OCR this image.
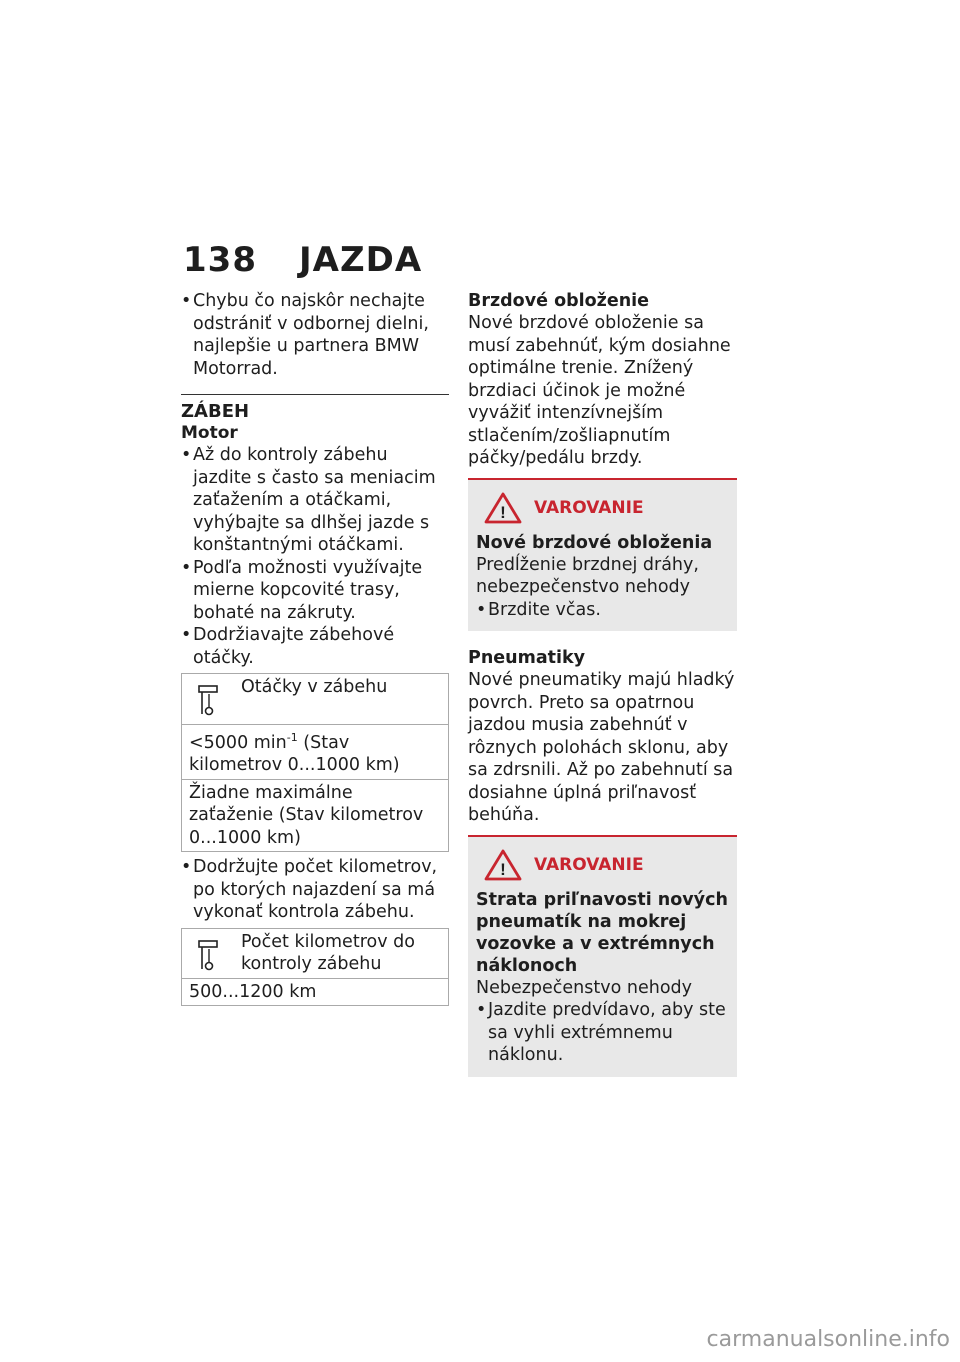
138 JAZDA
• Chybu čo najskôr nechajte odstrániť v odbornej dielni, najlepšie u partnera BMW Motorrad.
ZÁBEH
Motor
• Až do kontroly zábehu jazdite s často sa meniacim zaťažením a otáčkami, vyhýbajte sa dlhšej jazde s konštantnými otáčkami.
• Podľa možnosti využívajte mierne kopcovité trasy, bohaté na zákruty.
• Dodržiavajte zábehové otáčky.
Otáčky v zábehu

<5000 $\min^{-1}$ (Stav kilometrov 0...1000 km)
Žiadne maximálne zaťaženie (Stav kilometrov 0...1000 km)
• Dodržujte počet kilometrov, po ktorých najazdení sa má vykonať kontrola zábehu.
Počet kilometrov do kontroly zábehu

500...1200 km
Brzdové obloženie
Nové brzdové obloženie sa musí zabehnúť, kým dosiahne optimálne trenie. Znížený brzdiaci účinok je možné vyvážiť intenzívnejším stlačením/zošliapnutím páčky/pedálu brzdy.
! VAROVANIE
Nové brzdové obloženia
Predĺženie brzdnej dráhy, nebezpečenstvo nehody
• Brzdite včas.
Pneumatiky
Nové pneumatiky majú hladký povrch. Preto sa opatrnou jazdou musia zabehnúť v rôznych polohách sklonu, aby sa zdrsnili. Až po zabehnutí sa dosiahne úplná priľnavosť behúňa.
! VAROVANIE
Strata priľnavosti nových pneumatík na mokrej vozovke a v extrémnych náklonoch
Nebezpečenstvo nehody
• Jazdite predvídavo, aby ste sa vyhli extrémnemu náklonu.
carmanualsonline.info
